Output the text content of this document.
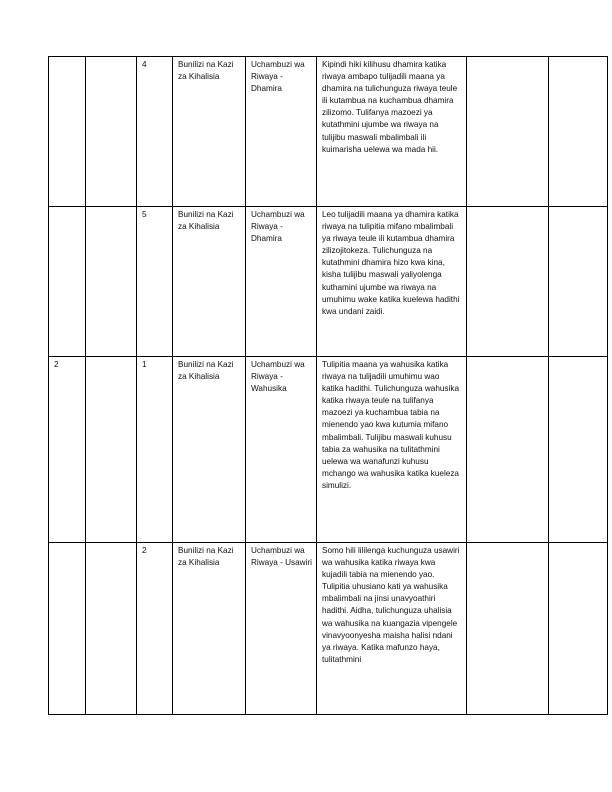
		4	Bunilizi na Kazi za Kihalisia	Uchambuzi wa Riwaya - Dhamira	Kipindi hiki kilihusu dhamira katika riwaya ambapo tulijadili maana ya dhamira na tulichunguza riwaya teule ili kutambua na kuchambua dhamira zilizomo. Tulifanya mazoezi ya kutathmini ujumbe wa riwaya na tulijibu maswali mbalimbali ili kuimarisha uelewa wa mada hii.		
		5	Bunilizi na Kazi za Kihalisia	Uchambuzi wa Riwaya - Dhamira	Leo tulijadili maana ya dhamira katika riwaya na tulipitia mifano mbalimbali ya riwaya teule ili kutambua dhamira zilizojitokeza. Tulichunguza na kutathmini dhamira hizo kwa kina, kisha tulijibu maswali yaliyolenga kuthamini ujumbe wa riwaya na umuhimu wake katika kuelewa hadithi kwa undani zaidi.		
2		1	Bunilizi na Kazi za Kihalisia	Uchambuzi wa Riwaya - Wahusika	Tulipitia maana ya wahusika katika riwaya na tulijadili umuhimu wao katika hadithi. Tulichunguza wahusika katika riwaya teule na tulifanya mazoezi ya kuchambua tabia na mienendo yao kwa kutumia mifano mbalimbali. Tulijibu maswali kuhusu tabia za wahusika na tulitathmini uelewa wa wanafunzi kuhusu mchango wa wahusika katika kueleza simulizi.		
		2	Bunilizi na Kazi za Kihalisia	Uchambuzi wa Riwaya - Usawiri	Somo hili lililenga kuchunguza usawiri wa wahusika katika riwaya kwa kujadili tabia na mienendo yao. Tulipitia uhusiano kati ya wahusika mbalimbali na jinsi unavyoathiri hadithi. Aidha, tulichunguza uhalisia wa wahusika na kuangazia vipengele vinavyoonyesha maisha halisi ndani ya riwaya. Katika mafunzo haya, tulitathmini		
